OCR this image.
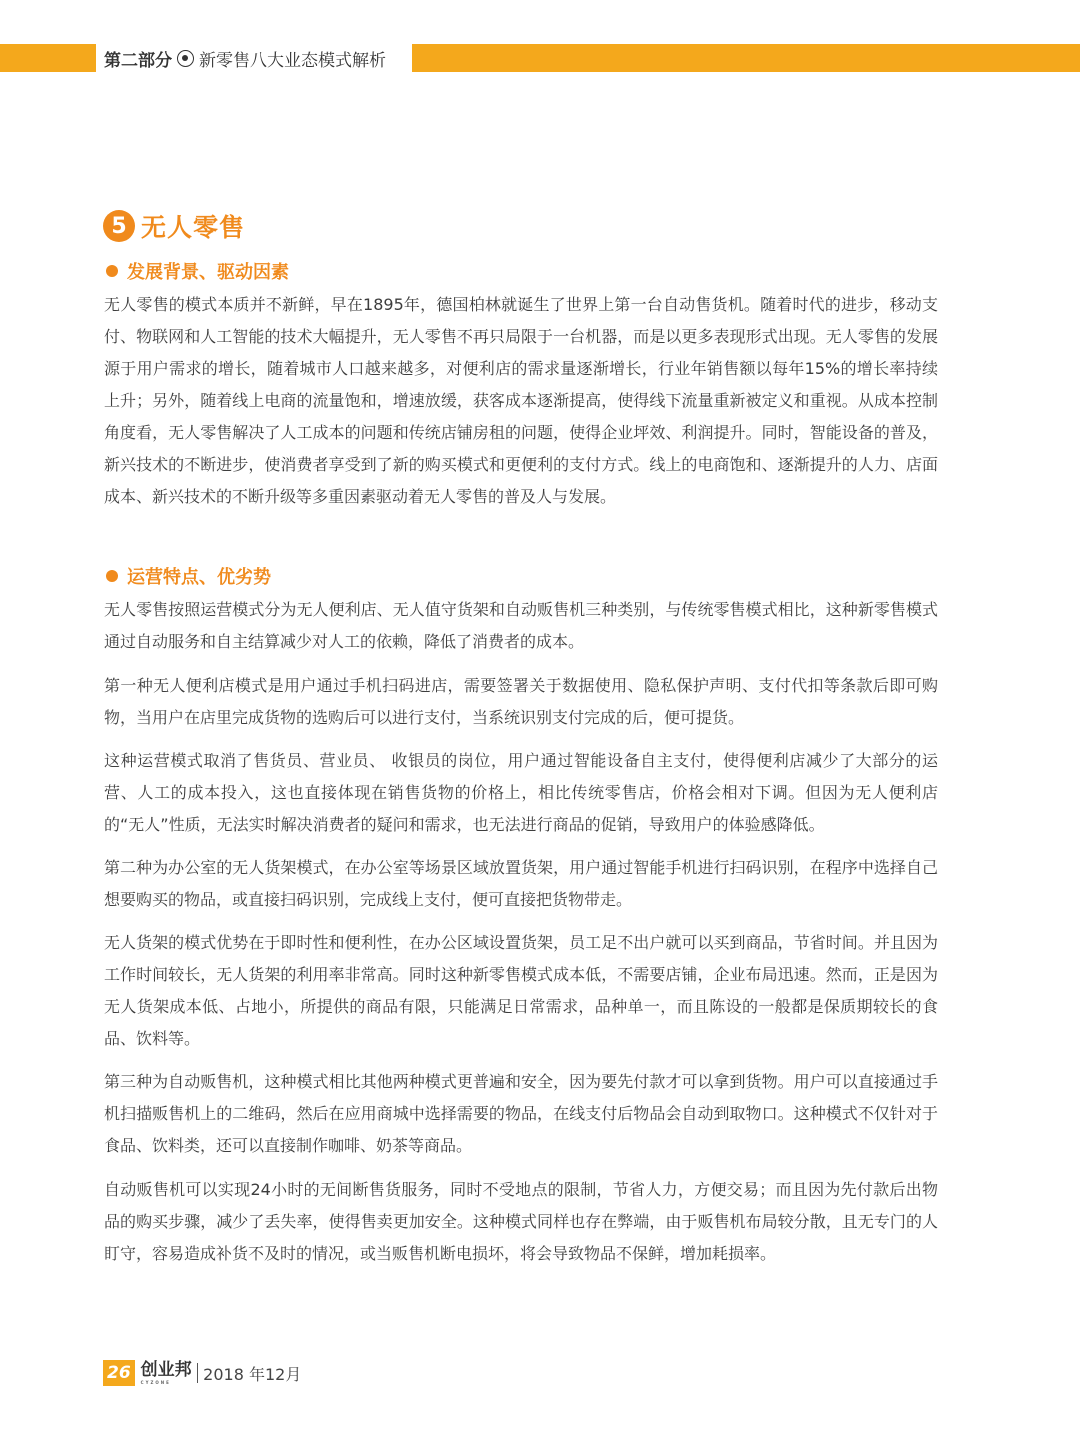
第二部分 新零售八大业态模式解析
5 无人零售
发展背景、驱动因素

无人零售的模式本质并不新鲜，早在1895年，德国柏林就诞生了世界上第一台自动售货机。随着时代的进步，移动支付、物联网和人工智能的技术大幅提升，无人零售不再只局限于一台机器，而是以更多表现形式出现。无人零售的发展源于用户需求的增长，随着城市人口越来越多，对便利店的需求量逐渐增长，行业年销售额以每年15%的增长率持续上升；另外，随着线上电商的流量饱和，增速放缓，获客成本逐渐提高，使得线下流量重新被定义和重视。从成本控制角度看，无人零售解决了人工成本的问题和传统店铺房租的问题，使得企业坪效、利润提升。同时，智能设备的普及，新兴技术的不断进步，使消费者享受到了新的购买模式和更便利的支付方式。线上的电商饱和、逐渐提升的人力、店面成本、新兴技术的不断升级等多重因素驱动着无人零售的普及人与发展。

运营特点、优劣势

无人零售按照运营模式分为无人便利店、无人值守货架和自动贩售机三种类别，与传统零售模式相比，这种新零售模式通过自动服务和自主结算减少对人工的依赖，降低了消费者的成本。

第一种无人便利店模式是用户通过手机扫码进店，需要签署关于数据使用、隐私保护声明、支付代扣等条款后即可购物，当用户在店里完成货物的选购后可以进行支付，当系统识别支付完成的后，便可提货。

这种运营模式取消了售货员、营业员、 收银员的岗位，用户通过智能设备自主支付，使得便利店减少了大部分的运营、人工的成本投入，这也直接体现在销售货物的价格上，相比传统零售店，价格会相对下调。但因为无人便利店的“无人”性质，无法实时解决消费者的疑问和需求，也无法进行商品的促销，导致用户的体验感降低。

第二种为办公室的无人货架模式，在办公室等场景区域放置货架，用户通过智能手机进行扫码识别，在程序中选择自己想要购买的物品，或直接扫码识别，完成线上支付，便可直接把货物带走。

无人货架的模式优势在于即时性和便利性，在办公区域设置货架，员工足不出户就可以买到商品，节省时间。并且因为工作时间较长，无人货架的利用率非常高。同时这种新零售模式成本低，不需要店铺，企业布局迅速。然而，正是因为无人货架成本低、占地小，所提供的商品有限，只能满足日常需求，品种单一，而且陈设的一般都是保质期较长的食品、饮料等。

第三种为自动贩售机，这种模式相比其他两种模式更普遍和安全，因为要先付款才可以拿到货物。用户可以直接通过手机扫描贩售机上的二维码，然后在应用商城中选择需要的物品，在线支付后物品会自动到取物口。这种模式不仅针对于食品、饮料类，还可以直接制作咖啡、奶茶等商品。

自动贩售机可以实现24小时的无间断售货服务，同时不受地点的限制，节省人力，方便交易；而且因为先付款后出物品的购买步骤，减少了丢失率，使得售卖更加安全。这种模式同样也存在弊端，由于贩售机布局较分散，且无专门的人盯守，容易造成补货不及时的情况，或当贩售机断电损坏，将会导致物品不保鲜，增加耗损率。

26 创业邦
CYZONE	2018 年12月
